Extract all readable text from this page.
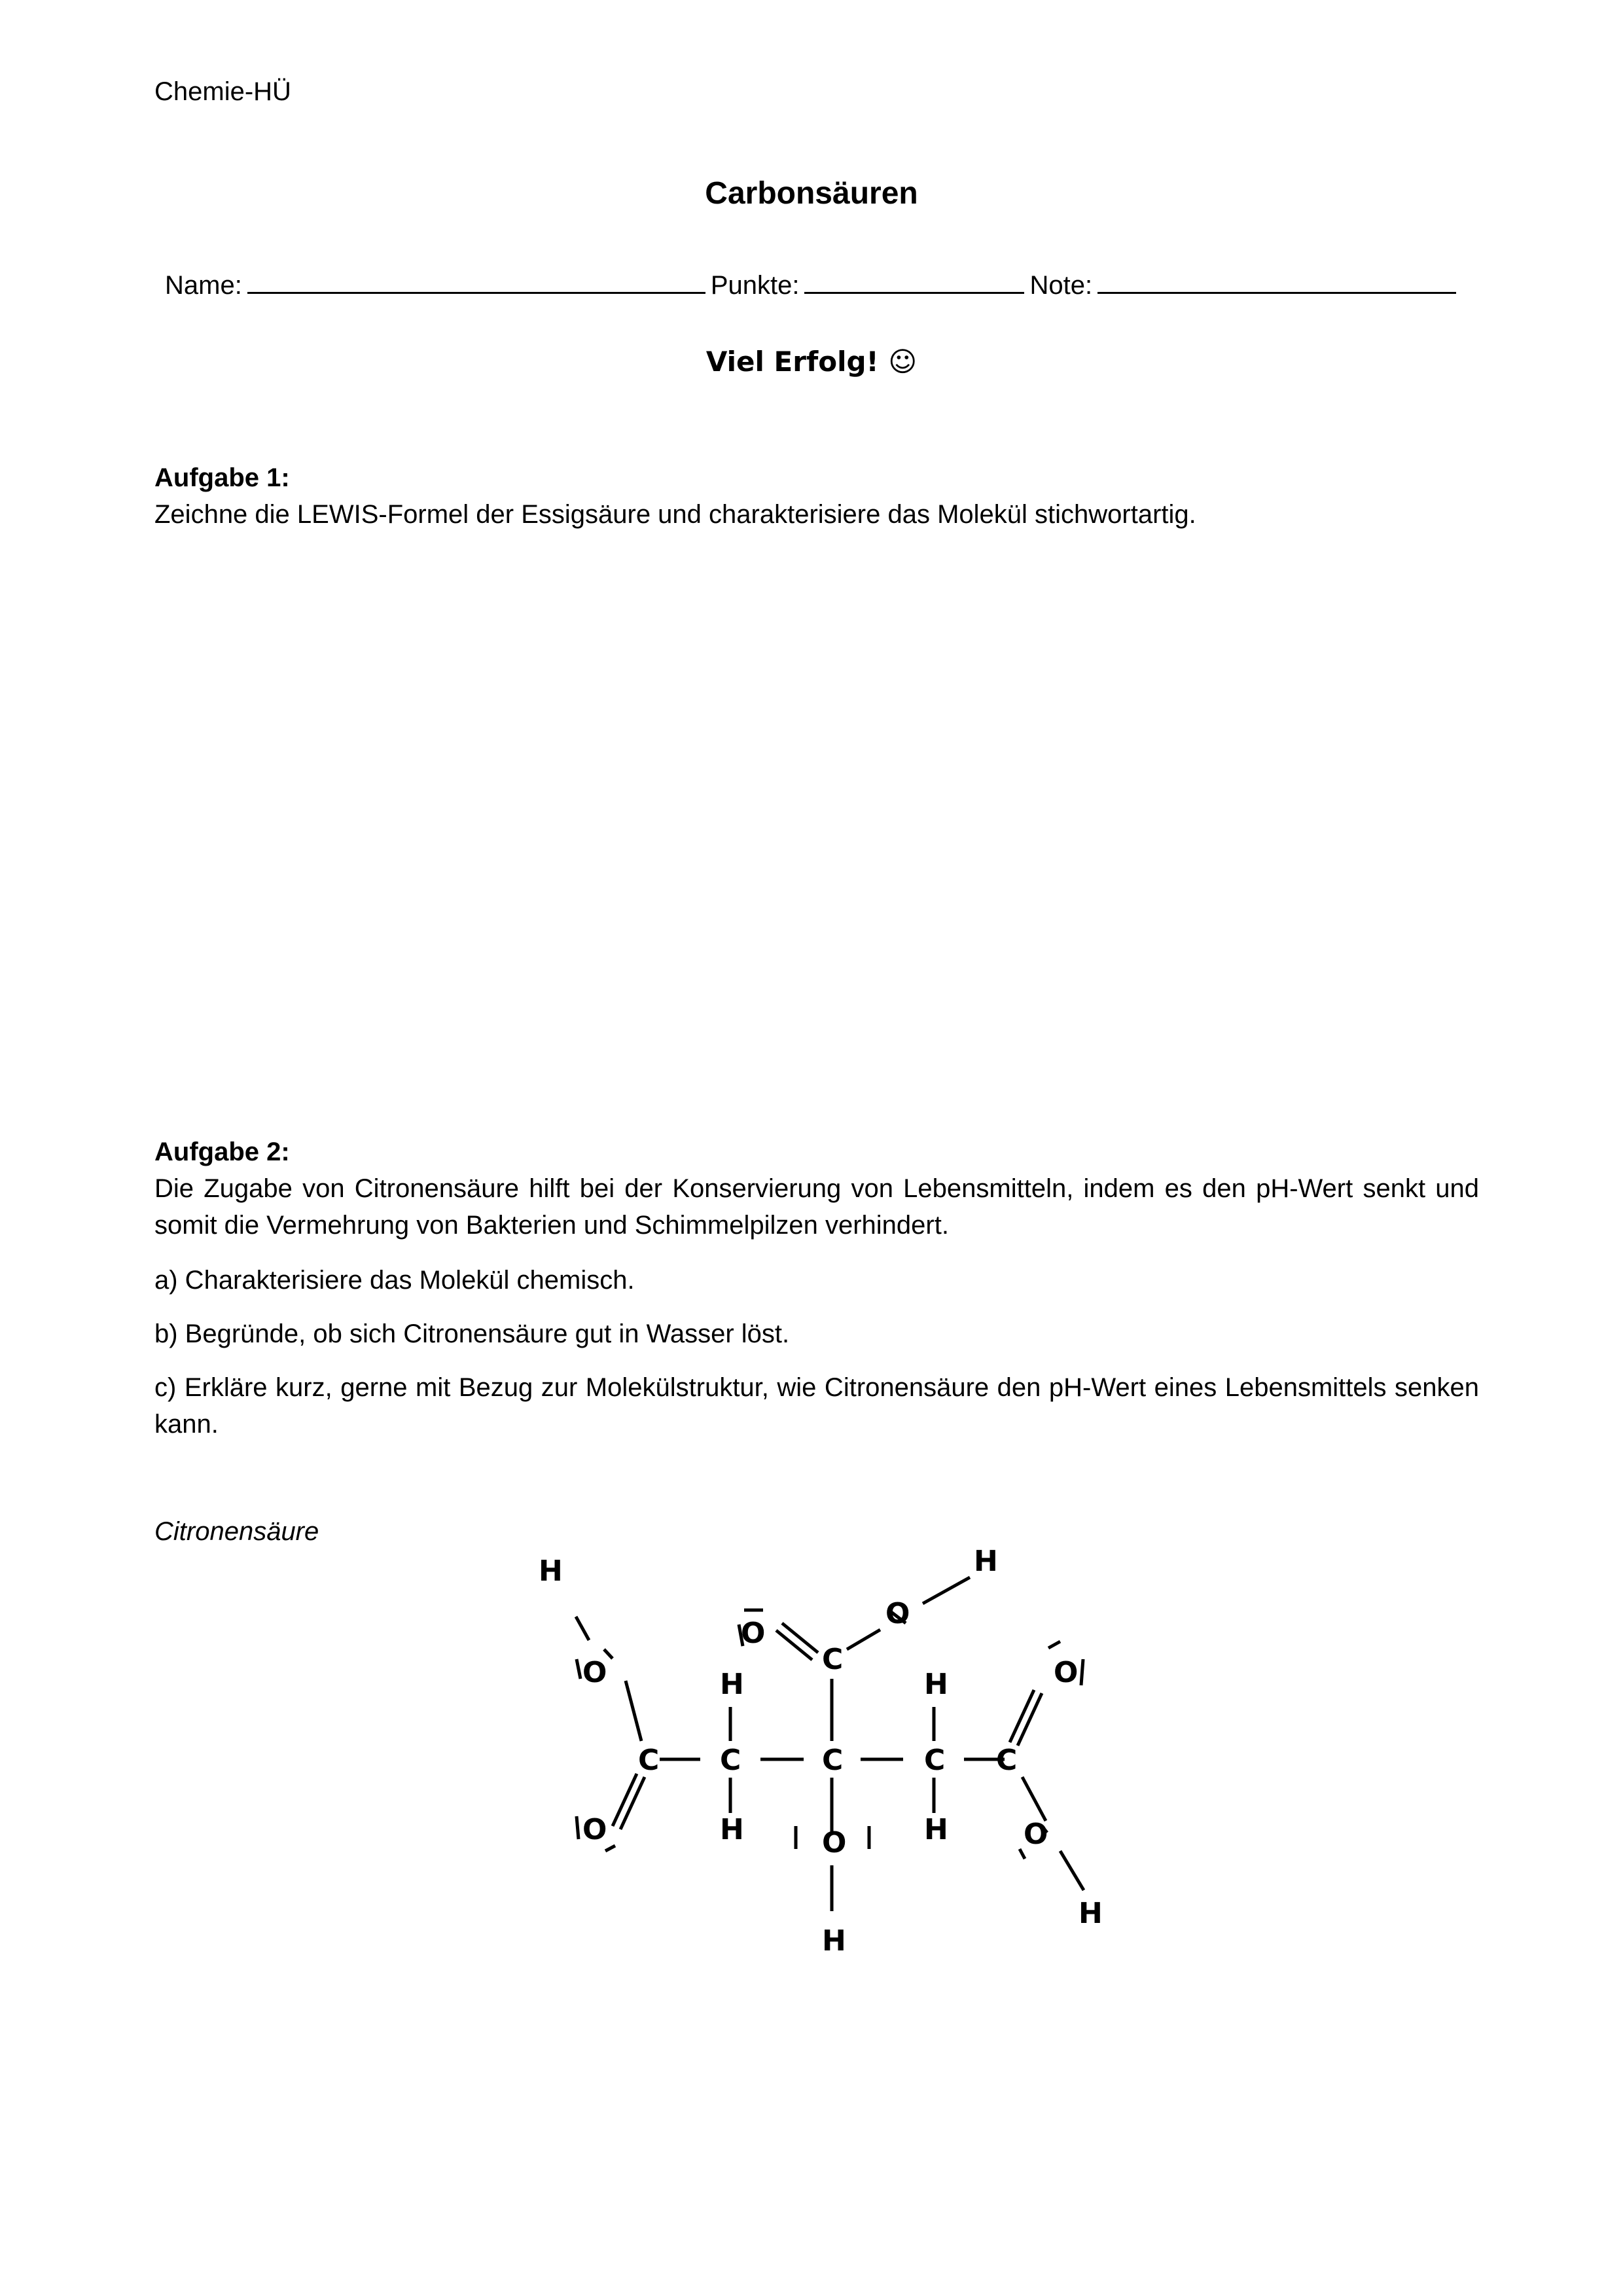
Chemie-HÜ
Carbonsäuren
Name:	Punkte:	Note:
Viel Erfolg! ☺
Aufgabe 1:

Zeichne die LEWIS-Formel der Essigsäure und charakterisiere das Molekül stichwortartig.

Aufgabe 2:

Die Zugabe von Citronensäure hilft bei der Konservierung von Lebensmitteln, indem es den pH-Wert senkt und somit die Vermehrung von Bakterien und Schimmelpilzen verhindert.

a) Charakterisiere das Molekül chemisch.

b) Begründe, ob sich Citronensäure gut in Wasser löst.

c) Erkläre kurz, gerne mit Bezug zur Molekülstruktur, wie Citronensäure den pH-Wert eines Lebensmittels senken kann.

Citronensäure
H
O
O
C
O
O
H
C
H
C
H
C
O
H
H
C
H
C
O
O
H
